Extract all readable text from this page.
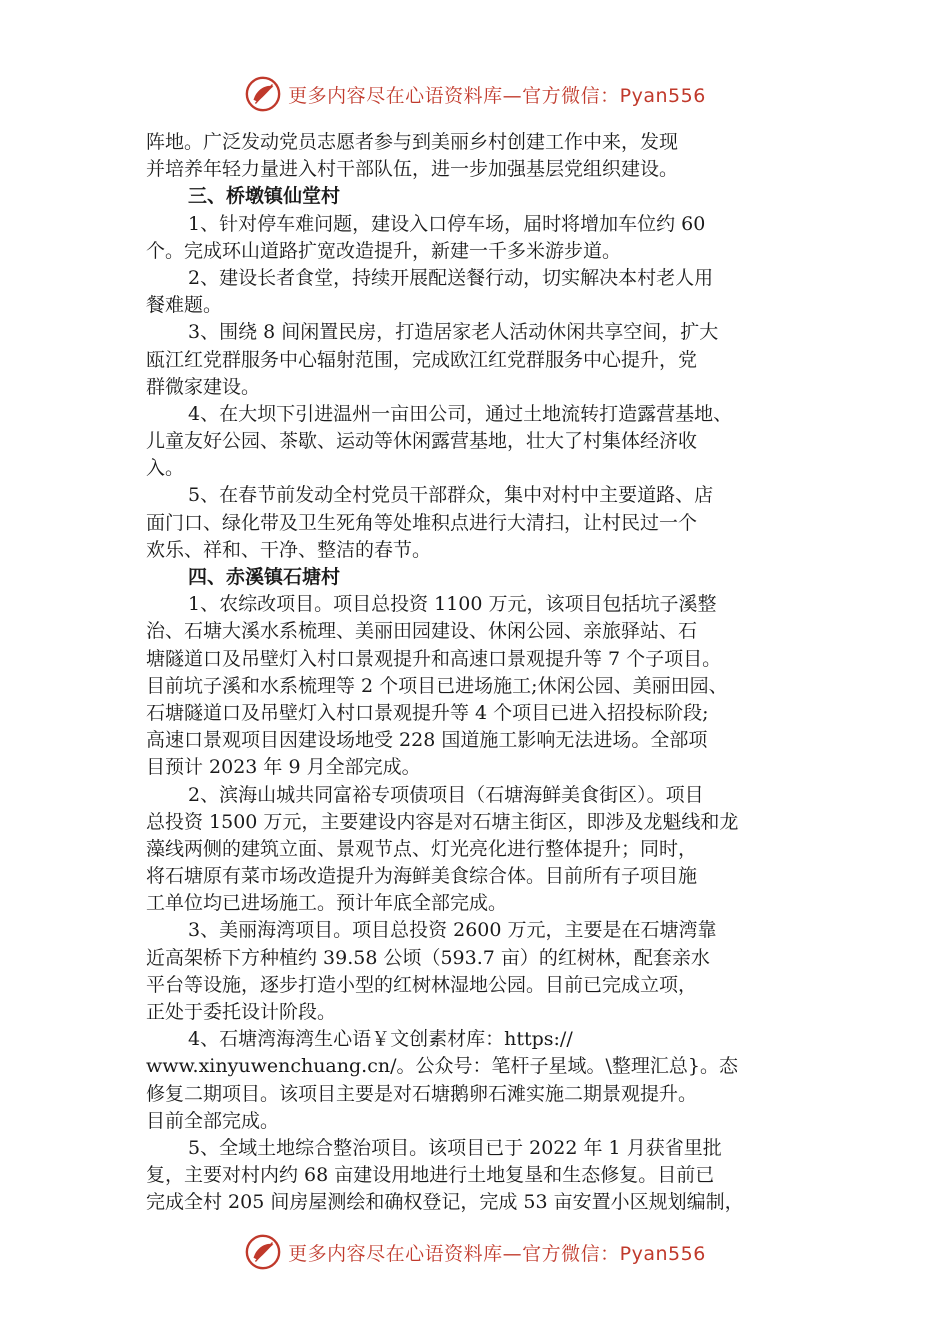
更多内容尽在心语资料库—官方微信：Pyan556
阵地。广泛发动党员志愿者参与到美丽乡村创建工作中来，发现
并培养年轻力量进入村干部队伍，进一步加强基层党组织建设。
三、桥墩镇仙堂村
1、针对停车难问题，建设入口停车场，届时将增加车位约 60
个。完成环山道路扩宽改造提升，新建一千多米游步道。
2、建设长者食堂，持续开展配送餐行动，切实解决本村老人用
餐难题。
3、围绕 8 间闲置民房，打造居家老人活动休闲共享空间，扩大
瓯江红党群服务中心辐射范围，完成欧江红党群服务中心提升，党
群微家建设。
4、在大坝下引进温州一亩田公司，通过土地流转打造露营基地、
儿童友好公园、茶歇、运动等休闲露营基地，壮大了村集体经济收
入。
5、在春节前发动全村党员干部群众，集中对村中主要道路、店
面门口、绿化带及卫生死角等处堆积点进行大清扫，让村民过一个
欢乐、祥和、干净、整洁的春节。
四、赤溪镇石塘村
1、农综改项目。项目总投资 1100 万元，该项目包括坑子溪整
治、石塘大溪水系梳理、美丽田园建设、休闲公园、亲旅驿站、石
塘隧道口及吊壁灯入村口景观提升和高速口景观提升等 7 个子项目。
目前坑子溪和水系梳理等 2 个项目已进场施工;休闲公园、美丽田园、
石塘隧道口及吊壁灯入村口景观提升等 4 个项目已进入招投标阶段;
高速口景观项目因建设场地受 228 国道施工影响无法进场。全部项
目预计 2023 年 9 月全部完成。
2、滨海山城共同富裕专项债项目（石塘海鲜美食街区）。项目
总投资 1500 万元，主要建设内容是对石塘主街区，即涉及龙魁线和龙
藻线两侧的建筑立面、景观节点、灯光亮化进行整体提升；同时，
将石塘原有菜市场改造提升为海鲜美食综合体。目前所有子项目施
工单位均已进场施工。预计年底全部完成。
3、美丽海湾项目。项目总投资 2600 万元，主要是在石塘湾靠
近高架桥下方种植约 39.58 公顷（593.7 亩）的红树林，配套亲水
平台等设施，逐步打造小型的红树林湿地公园。目前已完成立项，
正处于委托设计阶段。
4、石塘湾海湾生心语￥文创素材库：https://
www.xinyuwenchuang.cn/。公众号：笔杆子星域。\整理汇总}。态
修复二期项目。该项目主要是对石塘鹅卵石滩实施二期景观提升。
目前全部完成。
5、全域土地综合整治项目。该项目已于 2022 年 1 月获省里批
复，主要对村内约 68 亩建设用地进行土地复垦和生态修复。目前已
完成全村 205 间房屋测绘和确权登记，完成 53 亩安置小区规划编制，
更多内容尽在心语资料库—官方微信：Pyan556
